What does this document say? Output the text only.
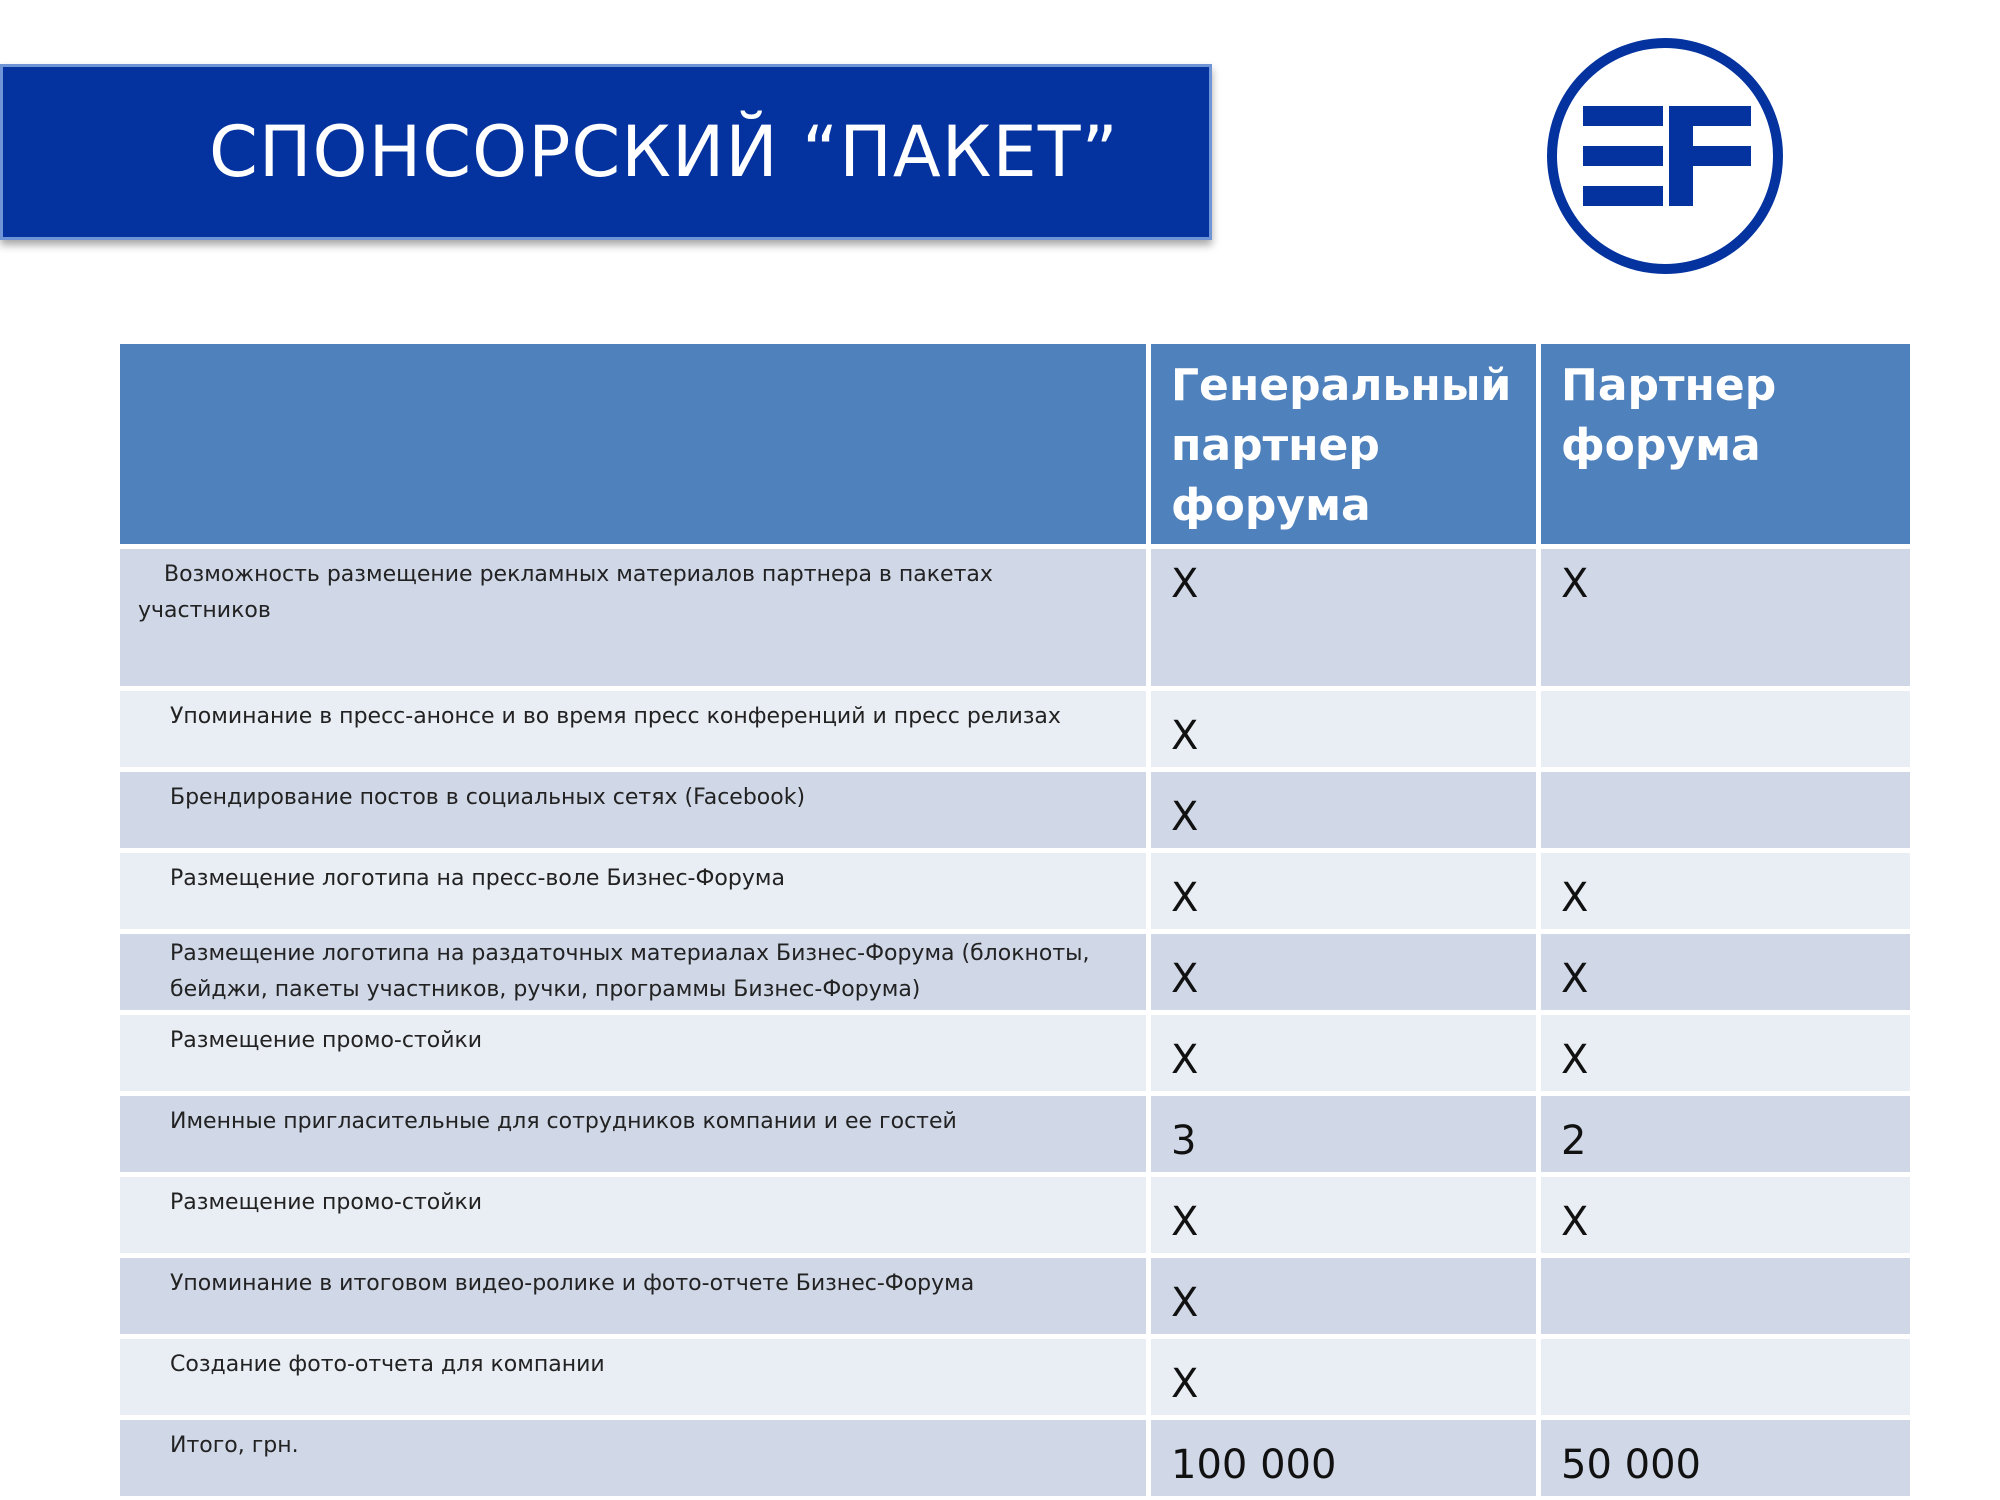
СПОНСОРСКИЙ “ПАКЕТ”
	Генеральный партнер форума	Партнер форума
Возможность размещение рекламных материалов партнера в пакетах участников	X	X
Упоминание в пресс-анонсе и во время пресс конференций и пресс релизах	X	
Брендирование постов в социальных сетях (Facebook)	X	
Размещение логотипа на пресс-воле Бизнес-Форума	X	X
Размещение логотипа на раздаточных материалах Бизнес-Форума (блокноты, бейджи, пакеты участников, ручки, программы Бизнес-Форума)	X	X
Размещение промо-стойки	X	X
Именные пригласительные для сотрудников компании и ее гостей	3	2
Размещение промо-стойки	X	X
Упоминание в итоговом видео-ролике и фото-отчете Бизнес-Форума	X	
Создание фото-отчета для компании	X	
Итого, грн.	100 000	50 000
